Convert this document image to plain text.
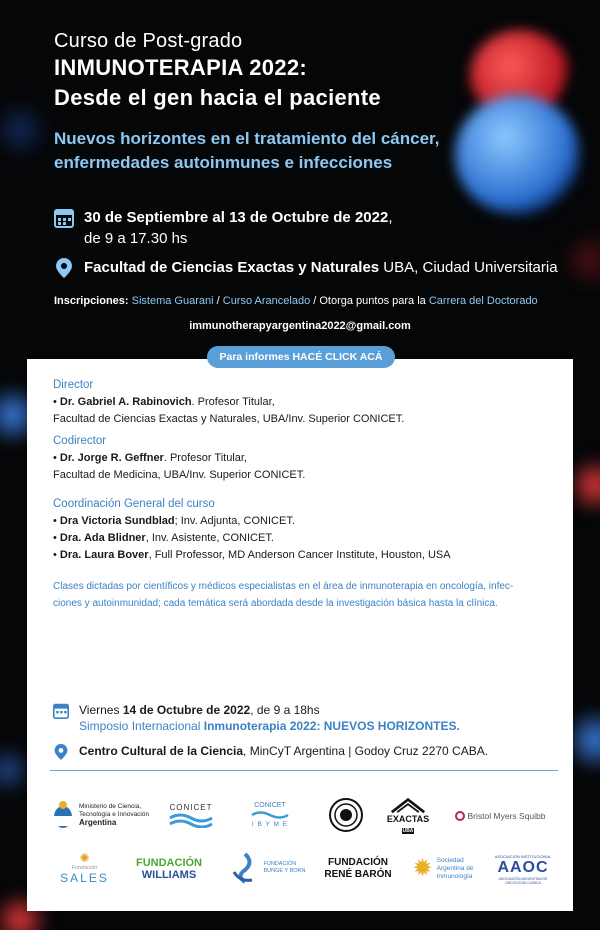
Curso de Post-grado
INMUNOTERAPIA 2022:
Desde el gen hacia el paciente
Nuevos horizontes en el tratamiento del cáncer,
enfermedades autoinmunes e infecciones
30 de Septiembre al 13 de Octubre de 2022,
de 9 a 17.30 hs
Facultad de Ciencias Exactas y Naturales UBA, Ciudad Universitaria
Inscripciones: Sistema Guarani / Curso Arancelado / Otorga puntos para la Carrera del Doctorado
immunotherapyargentina2022@gmail.com
Para informes HACÉ CLICK ACÁ
Director
• Dr. Gabriel A. Rabinovich. Profesor Titular,
Facultad de Ciencias Exactas y Naturales, UBA/Inv. Superior CONICET.
Codirector
• Dr. Jorge R. Geffner. Profesor Titular,
Facultad de Medicina, UBA/Inv. Superior CONICET.
Coordinación General del curso
• Dra Victoria Sundblad; Inv. Adjunta, CONICET.
• Dra. Ada Blidner, Inv. Asistente, CONICET.
• Dra. Laura Bover, Full Professor, MD Anderson Cancer Institute, Houston, USA
Clases dictadas por científicos y médicos especialistas en el área de inmunoterapia en oncología, infec-
ciones y autoinmunidad; cada temática será abordada desde la investigación básica hasta la clínica.
Como cierre del curso se invita a los alumnos al Simposio internacional: Inmunoterapia 2022:
Nuevos horizontes. con la presencia de destacados científicos internacionales como los Dres. J.
Allison (USA; Premio Nobel Medicina), P. Sharma (USA), S. Amigorena (Francia), L. Glimcher (USA),
Dr. L. Steinman (USA) e I. Melero (España).
Viernes 14 de Octubre de 2022, de 9 a 18hs
Simposio Internacional Inmunoterapia 2022: NUEVOS HORIZONTES.
Centro Cultural de la Ciencia, MinCyT Argentina | Godoy Cruz 2270 CABA.
Ministerio de Ciencia,
Tecnología e Innovación
Argentina
CONICET	CONICET
I B Y M E
EXACTAS UBA
Bristol Myers Squibb
✺
Fundación
SALES
FUNDACIÓN
WILLIAMS
FUNDACIÓN
BUNGE Y BORN
FUNDACIÓN
RENÉ BARÓN ✹ Sociedad
Argentina de
Inmunología
ASOCIACIÓN INSTITUCIONAL
AAOC
ASOCIACIÓN ARGENTINA DE ONCOLOGÍA CLÍNICA
